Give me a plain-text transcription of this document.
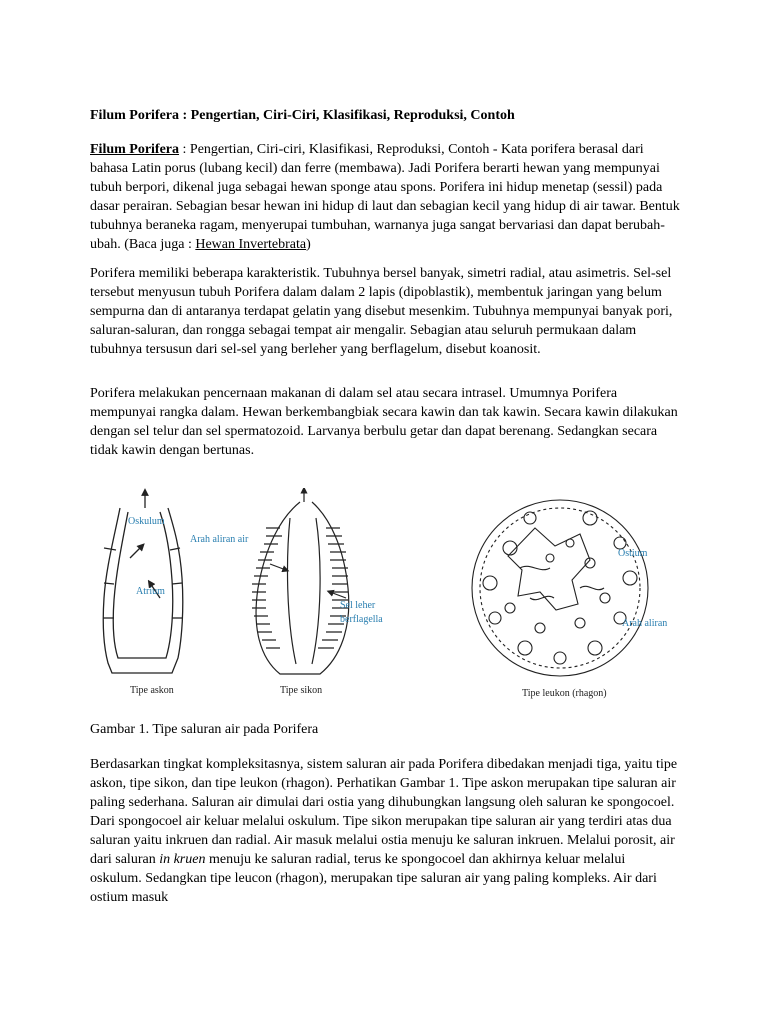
Filum Porifera : Pengertian, Ciri-Ciri, Klasifikasi, Reproduksi, Contoh

Filum Porifera : Pengertian, Ciri-ciri, Klasifikasi, Reproduksi, Contoh - Kata porifera berasal dari bahasa Latin porus (lubang kecil) dan ferre (membawa). Jadi Porifera berarti hewan yang mempunyai tubuh berpori, dikenal juga sebagai hewan sponge atau spons. Porifera ini hidup menetap (sessil) pada dasar perairan. Sebagian besar hewan ini hidup di laut dan sebagian kecil yang hidup di air tawar. Bentuk tubuhnya beraneka ragam, menyerupai tumbuhan, warnanya juga sangat bervariasi dan dapat berubah-ubah. (Baca juga : Hewan Invertebrata)

Porifera memiliki beberapa karakteristik. Tubuhnya bersel banyak, simetri radial, atau asimetris. Sel-sel tersebut menyusun tubuh Porifera dalam dalam 2 lapis (dipoblastik), membentuk jaringan yang belum sempurna dan di antaranya terdapat gelatin yang disebut mesenkim. Tubuhnya mempunyai banyak pori, saluran-saluran, dan rongga sebagai tempat air mengalir. Sebagian atau seluruh permukaan dalam tubuhnya tersusun dari sel-sel yang berleher yang berflagelum, disebut koanosit.

Porifera melakukan pencernaan makanan di dalam sel atau secara intrasel. Umumnya Porifera mempunyai rangka dalam. Hewan berkembangbiak secara kawin dan tak kawin. Secara kawin dilakukan dengan sel telur dan sel spermatozoid. Larvanya berbulu getar dan dapat berenang. Sedangkan secara tidak kawin dengan bertunas.

Gambar 1. Tipe saluran air pada Porifera

Berdasarkan tingkat kompleksitasnya, sistem saluran air pada Porifera dibedakan menjadi tiga, yaitu tipe askon, tipe sikon, dan tipe leukon (rhagon). Perhatikan Gambar 1. Tipe askon merupakan tipe saluran air paling sederhana. Saluran air dimulai dari ostia yang dihubungkan langsung oleh saluran ke spongocoel. Dari spongocoel air keluar melalui oskulum. Tipe sikon merupakan tipe saluran air yang terdiri atas dua saluran yaitu inkruen dan radial. Air masuk melalui ostia menuju ke saluran inkruen. Melalui porosit, air dari saluran in kruen menuju ke saluran radial, terus ke spongocoel dan akhirnya keluar melalui oskulum. Sedangkan tipe leucon (rhagon), merupakan tipe saluran air yang paling kompleks. Air dari ostium masuk

Oskulum
Arah aliran air
Atrium
Tipe askon
Sel leher
berflagella
Tipe sikon
Ostium
Arah aliran
Tipe leukon (rhagon)
